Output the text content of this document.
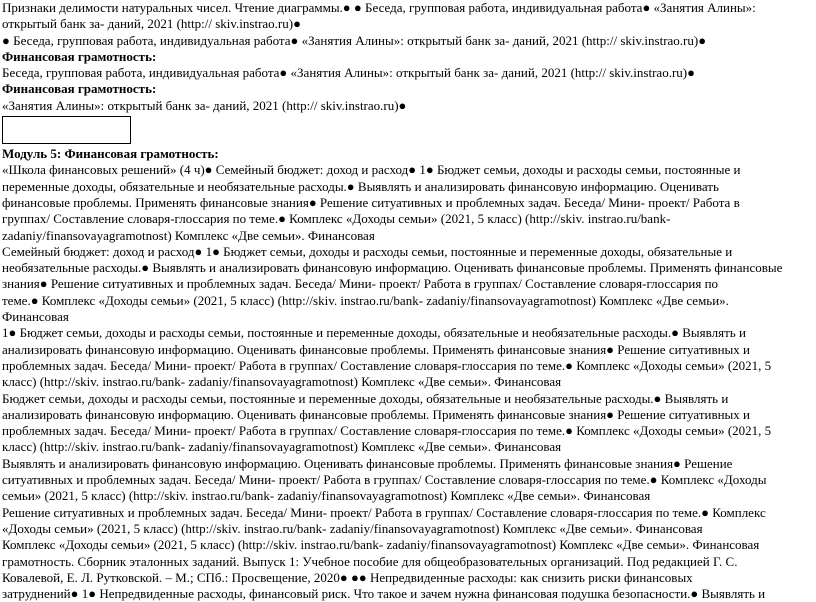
Признаки делимости натуральных чисел. Чтение диаграммы.● ● Беседа, групповая работа, индивидуальная работа● «Занятия Алины»:
открытый банк за- даний, 2021 (http:// skiv.instrao.ru)●
● Беседа, групповая работа, индивидуальная работа● «Занятия Алины»: открытый банк за- даний, 2021 (http:// skiv.instrao.ru)●
Финансовая грамотность:
Беседа, групповая работа, индивидуальная работа● «Занятия Алины»: открытый банк за- даний, 2021 (http:// skiv.instrao.ru)●
Финансовая грамотность:
«Занятия Алины»: открытый банк за- даний, 2021 (http:// skiv.instrao.ru)●
Модуль 5: Финансовая грамотность:
«Школа финансовых решений» (4 ч)● Семейный бюджет: доход и расход● 1● Бюджет семьи, доходы и расходы семьи, постоянные и
переменные доходы, обязательные и необязательные расходы.● Выявлять и анализировать финансовую информацию. Оценивать
финансовые проблемы. Применять финансовые знания● Решение ситуативных и проблемных задач. Беседа/ Мини- проект/ Работа в
группах/ Составление словаря-глоссария по теме.● Комплекс «Доходы семьи» (2021, 5 класс) (http://skiv. instrao.ru/bank-
zadaniy/finansovayagramotnost) Комплекс «Две семьи». Финансовая
Семейный бюджет: доход и расход● 1● Бюджет семьи, доходы и расходы семьи, постоянные и переменные доходы, обязательные и
необязательные расходы.● Выявлять и анализировать финансовую информацию. Оценивать финансовые проблемы. Применять финансовые
знания● Решение ситуативных и проблемных задач. Беседа/ Мини- проект/ Работа в группах/ Составление словаря-глоссария по
теме.● Комплекс «Доходы семьи» (2021, 5 класс) (http://skiv. instrao.ru/bank- zadaniy/finansovayagramotnost) Комплекс «Две семьи».
Финансовая
1● Бюджет семьи, доходы и расходы семьи, постоянные и переменные доходы, обязательные и необязательные расходы.● Выявлять и
анализировать финансовую информацию. Оценивать финансовые проблемы. Применять финансовые знания● Решение ситуативных и
проблемных задач. Беседа/ Мини- проект/ Работа в группах/ Составление словаря-глоссария по теме.● Комплекс «Доходы семьи» (2021, 5
класс) (http://skiv. instrao.ru/bank- zadaniy/finansovayagramotnost) Комплекс «Две семьи». Финансовая
Бюджет семьи, доходы и расходы семьи, постоянные и переменные доходы, обязательные и необязательные расходы.● Выявлять и
анализировать финансовую информацию. Оценивать финансовые проблемы. Применять финансовые знания● Решение ситуативных и
проблемных задач. Беседа/ Мини- проект/ Работа в группах/ Составление словаря-глоссария по теме.● Комплекс «Доходы семьи» (2021, 5
класс) (http://skiv. instrao.ru/bank- zadaniy/finansovayagramotnost) Комплекс «Две семьи». Финансовая
Выявлять и анализировать финансовую информацию. Оценивать финансовые проблемы. Применять финансовые знания● Решение
ситуативных и проблемных задач. Беседа/ Мини- проект/ Работа в группах/ Составление словаря-глоссария по теме.● Комплекс «Доходы
семьи» (2021, 5 класс) (http://skiv. instrao.ru/bank- zadaniy/finansovayagramotnost) Комплекс «Две семьи». Финансовая
Решение ситуативных и проблемных задач. Беседа/ Мини- проект/ Работа в группах/ Составление словаря-глоссария по теме.● Комплекс
«Доходы семьи» (2021, 5 класс) (http://skiv. instrao.ru/bank- zadaniy/finansovayagramotnost) Комплекс «Две семьи». Финансовая
Комплекс «Доходы семьи» (2021, 5 класс) (http://skiv. instrao.ru/bank- zadaniy/finansovayagramotnost) Комплекс «Две семьи». Финансовая
грамотность. Сборник эталонных заданий. Выпуск 1: Учебное пособие для общеобразовательных организаций. Под редакцией Г. С.
Ковалевой, Е. Л. Рутковской. – М.; СПб.: Просвещение, 2020● ●● Непредвиденные расходы: как снизить риски финансовых
затруднений● 1● Непредвиденные расходы, финансовый риск. Что такое и зачем нужна финансовая подушка безопасности.● Выявлять и
